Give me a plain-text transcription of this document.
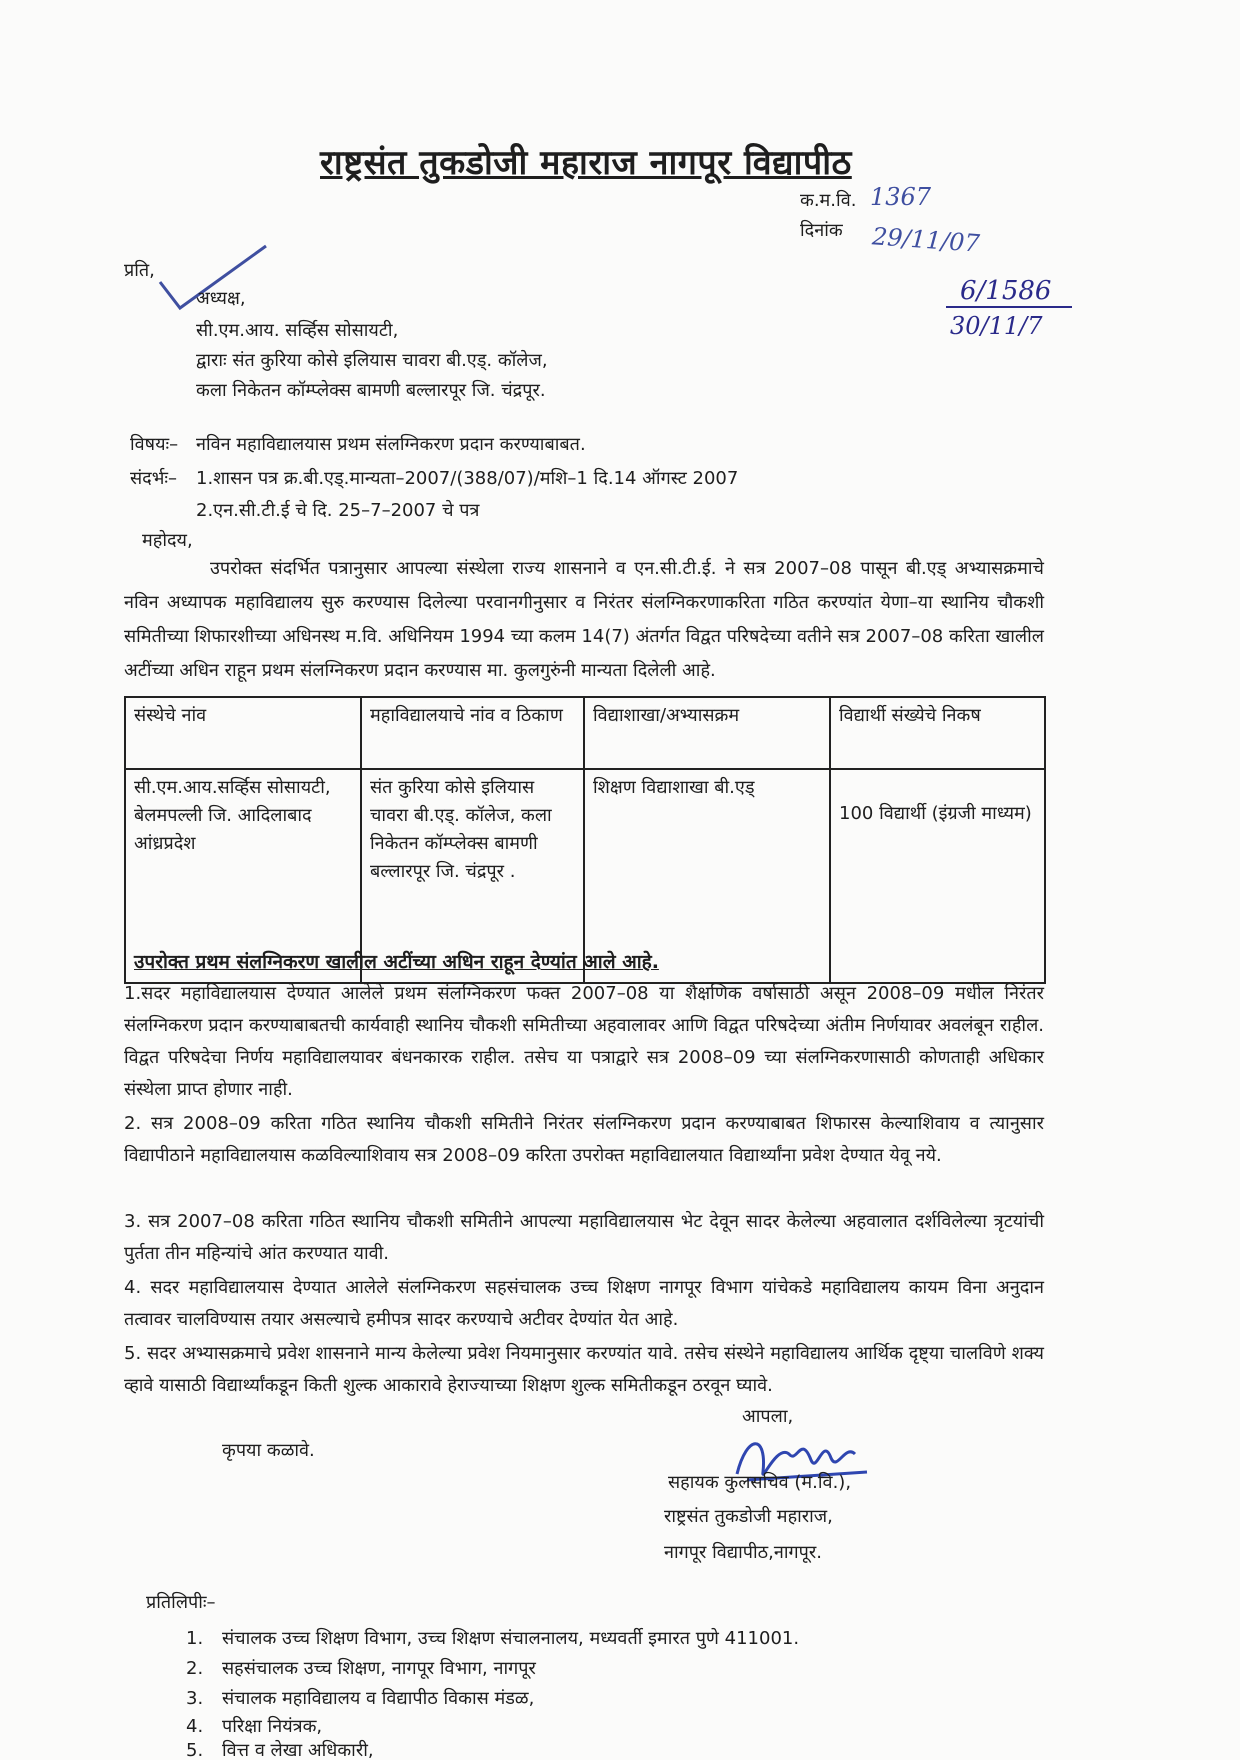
राष्ट्रसंत तुकडोजी महाराज नागपूर विद्यापीठ
क.म.वि. 1367
दिनांक 29/11/07
6/1586
30/11/7
प्रति,
अध्यक्ष,
सी.एम.आय. सर्व्हिस सोसायटी,
द्वाराः संत कुरिया कोसे इलियास चावरा बी.एड्. कॉलेज,
कला निकेतन कॉम्प्लेक्स बामणी बल्लारपूर जि. चंद्रपूर.
विषयः– नविन महाविद्यालयास प्रथम संलग्निकरण प्रदान करण्याबाबत.
संदर्भः– 1.शासन पत्र क्र.बी.एड्.मान्यता–2007/(388/07)/मशि–1 दि.14 ऑगस्ट 2007
2.एन.सी.टी.ई चे दि. 25–7–2007 चे पत्र
महोदय,
उपरोक्त संदर्भित पत्रानुसार आपल्या संस्थेला राज्य शासनाने व एन.सी.टी.ई. ने सत्र 2007–08 पासून बी.एड् अभ्यासक्रमाचे नविन अध्यापक महाविद्यालय सुरु करण्यास दिलेल्या परवानगीनुसार व निरंतर संलग्निकरणाकरिता गठित करण्यांत येणा–या स्थानिय चौकशी समितीच्या शिफारशीच्या अधिनस्थ म.वि. अधिनियम 1994 च्या कलम 14(7) अंतर्गत विद्वत परिषदेच्या वतीने सत्र 2007–08 करिता खालील अटींच्या अधिन राहून प्रथम संलग्निकरण प्रदान करण्यास मा. कुलगुरुंनी मान्यता दिलेली आहे.
संस्थेचे नांव	महाविद्यालयाचे नांव व ठिकाण	विद्याशाखा/अभ्यासक्रम	विद्यार्थी संख्येचे निकष
सी.एम.आय.सर्व्हिस सोसायटी, बेलमपल्ली जि. आदिलाबाद आंध्रप्रदेश	संत कुरिया कोसे इलियास चावरा बी.एड्. कॉलेज, कला निकेतन कॉम्प्लेक्स बामणी बल्लारपूर जि. चंद्रपूर .	शिक्षण विद्याशाखा बी.एड्	100 विद्यार्थी (इंग्रजी माध्यम)
उपरोक्त प्रथम संलग्निकरण खालील अटींच्या अधिन राहून देण्यांत आले आहे.
1.सदर महाविद्यालयास देण्यात आलेले प्रथम संलग्निकरण फक्त 2007–08 या शैक्षणिक वर्षासाठी असून 2008–09 मधील निरंतर संलग्निकरण प्रदान करण्याबाबतची कार्यवाही स्थानिय चौकशी समितीच्या अहवालावर आणि विद्वत परिषदेच्या अंतीम निर्णयावर अवलंबून राहील. विद्वत परिषदेचा निर्णय महाविद्यालयावर बंधनकारक राहील. तसेच या पत्राद्वारे सत्र 2008–09 च्या संलग्निकरणासाठी कोणताही अधिकार संस्थेला प्राप्त होणार नाही.
2. सत्र 2008–09 करिता गठित स्थानिय चौकशी समितीने निरंतर संलग्निकरण प्रदान करण्याबाबत शिफारस केल्याशिवाय व त्यानुसार विद्यापीठाने महाविद्यालयास कळविल्याशिवाय सत्र 2008–09 करिता उपरोक्त महाविद्यालयात विद्यार्थ्यांना प्रवेश देण्यात येवू नये.
3. सत्र 2007–08 करिता गठित स्थानिय चौकशी समितीने आपल्या महाविद्यालयास भेट देवून सादर केलेल्या अहवालात दर्शविलेल्या त्रृटयांची पुर्तता तीन महिन्यांचे आंत करण्यात यावी.
4. सदर महाविद्यालयास देण्यात आलेले संलग्निकरण सहसंचालक उच्च शिक्षण नागपूर विभाग यांचेकडे महाविद्यालय कायम विना अनुदान तत्वावर चालविण्यास तयार असल्याचे हमीपत्र सादर करण्याचे अटीवर देण्यांत येत आहे.
5. सदर अभ्यासक्रमाचे प्रवेश शासनाने मान्य केलेल्या प्रवेश नियमानुसार करण्यांत यावे. तसेच संस्थेने महाविद्यालय आर्थिक दृष्ट्या चालविणे शक्य व्हावे यासाठी विद्यार्थ्यांकडून किती शुल्क आकारावे हेराज्याच्या शिक्षण शुल्क समितीकडून ठरवून घ्यावे.
कृपया कळावे.
आपला,
सहायक कुलसचिव (म.वि.),
राष्ट्रसंत तुकडोजी महाराज,
नागपूर विद्यापीठ,नागपूर.
प्रतिलिपीः–
1. संचालक उच्च शिक्षण विभाग, उच्च शिक्षण संचालनालय, मध्यवर्ती इमारत पुणे 411001.
2. सहसंचालक उच्च शिक्षण, नागपूर विभाग, नागपूर
3. संचालक महाविद्यालय व विद्यापीठ विकास मंडळ,
4. परिक्षा नियंत्रक,
5. वित्त व लेखा अधिकारी,
